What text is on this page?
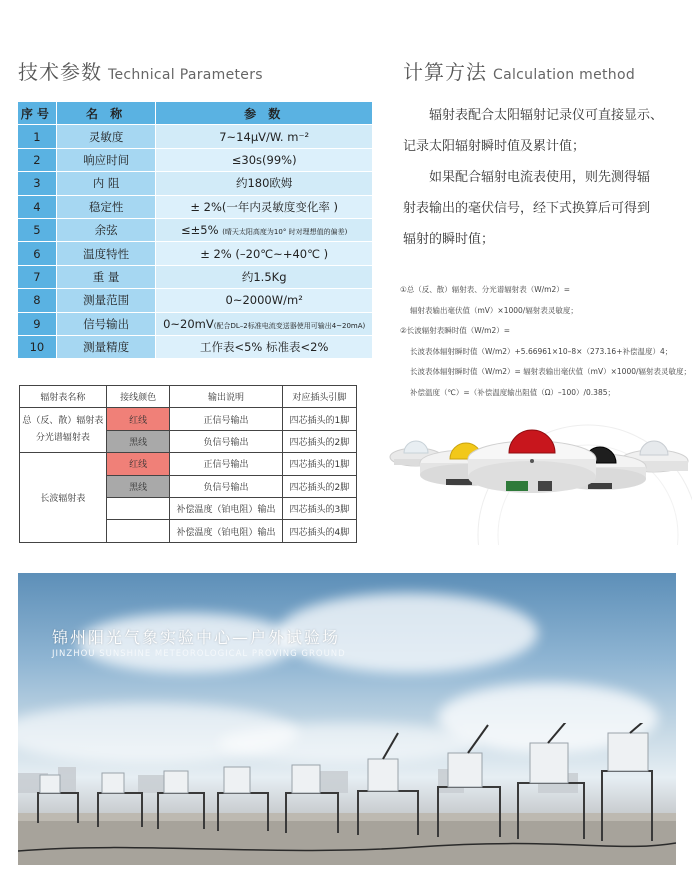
技术参数 Technical Parameters
序号	名 称	参 数
1	灵敏度	7~14μV/W. m⁻²
2	响应时间	≤30s(99%)
3	内 阻	约180欧姆
4	稳定性	± 2%(一年内灵敏度变化率 )
5	余弦	≤±5% (晴天太阳高度为10° 时对理想值的偏差)
6	温度特性	± 2% (–20℃~+40℃ )
7	重 量	约1.5Kg
8	测量范围	0~2000W/m²
9	信号输出	0~20mV(配合DL–2标准电流变送器使用可输出4~20mA)
10	测量精度	工作表<5% 标准表<2%
辐射表名称	接线颜色	输出说明	对应插头引脚
总（反、散）辐射表
分光谱辐射表	红线	正信号输出	四芯插头的1脚
	黑线	负信号输出	四芯插头的2脚
长波辐射表	红线	正信号输出	四芯插头的1脚
	黑线	负信号输出	四芯插头的2脚
		补偿温度（铂电阻）输出	四芯插头的3脚
		补偿温度（铂电阻）输出	四芯插头的4脚
计算方法 Calculation method
辐射表配合太阳辐射记录仪可直接显示、
记录太阳辐射瞬时值及累计值；
如果配合辐射电流表使用，则先测得辐
射表输出的毫伏信号，经下式换算后可得到
辐射的瞬时值；
①总（反、散）辐射表、分光谱辐射表（W/m2）=
辐射表输出毫伏值（mV）×1000/辐射表灵敏度；
②长波辐射表瞬时值（W/m2）=
长波表体辐射瞬时值（W/m2）+5.66961×10–8×（273.16+补偿温度）4；
长波表体辐射瞬时值（W/m2）= 辐射表输出毫伏值（mV）×1000/辐射表灵敏度；
补偿温度（℃）=（补偿温度输出阻值（Ω）–100）/0.385；
锦州阳光气象实验中心—户外试验场
JINZHOU SUNSHINE METEOROLOGICAL PROVING GROUND
